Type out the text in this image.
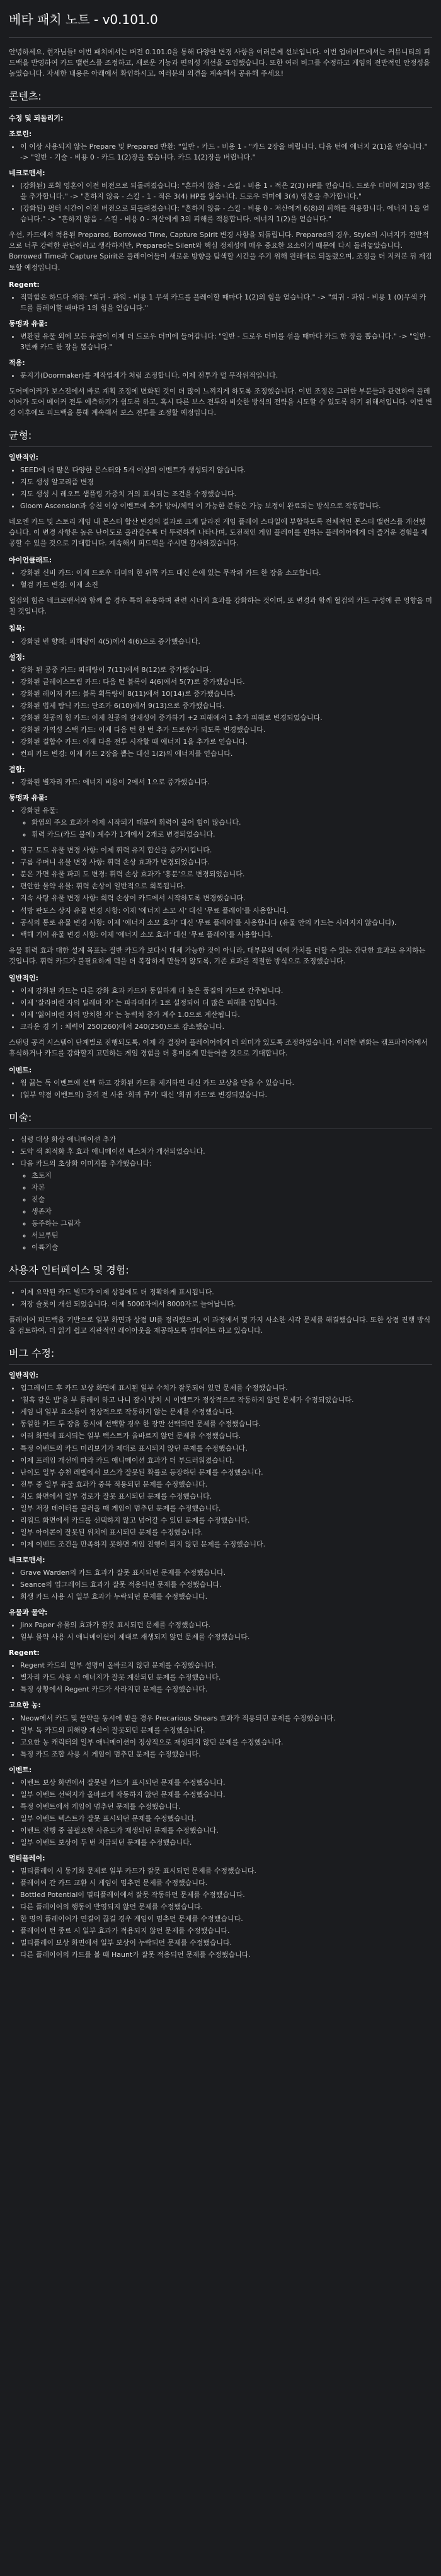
베타 패치 노트 - v0.101.0

안녕하세요, 현자님들! 이번 패치에서는 버전 0.101.0을 통해 다양한 변경 사항을 여러분께 선보입니다. 이번 업데이트에서는 커뮤니티의 피드백을 반영하여 카드 밸런스를 조정하고, 새로운 기능과 편의성 개선을 도입했습니다. 또한 여러 버그를 수정하고 게임의 전반적인 안정성을 높였습니다. 자세한 내용은 아래에서 확인하시고, 여러분의 의견을 계속해서 공유해 주세요!

콘텐츠:
수정 및 되돌리기:
조로린:
• 이 이상 사용되지 않는 Prepare 및 Prepared 반환: "일반 - 카드 - 비용 1 - "카드 2장을 버립니다. 다음 턴에 에너지 2(1)을 얻습니다." -> "일반 - 기술 - 비용 0 - 카드 1(2)장을 뽑습니다. 카드 1(2)장을 버립니다."
네크로맨서:
• (강화된) 포획 영혼이 이전 버전으로 되돌려졌습니다: "흔하지 않음 - 스킬 - 비용 1 - 적은 2(3) HP를 얻습니다. 드로우 더미에 2(3) 영혼을 추가합니다." -> "흔하지 않음 - 스킬 - 1 - 적은 3(4) HP를 잃습니다. 드로우 더미에 3(4) 영혼을 추가합니다."
• (강화된) 필터 시간이 이전 버전으로 되돌려졌습니다: "흔하지 않음 - 스킬 - 비용 0 - 저산에게 6(8)의 피해를 적용합니다. 에너지 1을 얻습니다." -> "흔하지 않음 - 스킬 - 비용 0 - 저산에게 3의 피해를 적용합니다. 에너지 1(2)을 얻습니다."

우선, 카드에서 적용된 Prepared, Borrowed Time, Capture Spirit 변경 사항을 되돌립니다. Prepared의 경우, Style의 시너지가 전반적으로 너무 강력한 판단이라고 생각하지만, Prepared는 Silent와 핵심 정체성에 매우 중요한 요소이기 때문에 다시 돌려놓았습니다. Borrowed Time과 Capture Spirit은 플레이어들이 새로운 방향을 탐색할 시간을 주기 위해 원래대로 되돌렸으며, 조정을 더 지켜본 뒤 재검토할 예정입니다.

Regent:
• 적막함은 하드다 재작: "희귀 - 파워 - 비용 1 무색 카드를 플레이할 때마다 1(2)의 힘을 얻습니다." -> "희귀 - 파워 - 비용 1 (0)무색 카드를 플레이할 때마다 1의 힘을 얻습니다."
동맹과 유물:
• 변환된 유물 외에 모든 유물이 이제 더 드로우 더미에 들어갑니다: "일반 - 드로우 더미를 섞을 때마다 카드 한 장을 뽑습니다." -> "일반 - 3번째 카드 한 장을 뽑습니다."
적용:
• 문지기(Doormaker)를 제작업체가 처럼 조정합니다. 이제 전투가 덜 무작위적입니다.

도어메이커가 보스전에서 바로 계획 조정에 변화된 것이 더 많이 느껴지게 하도록 조정했습니다. 이번 조정은 그러한 부분들과 관련하여 플레이어가 도어 메이커 전투 예측하기가 쉽도록 하고, 혹시 다른 보스 전투와 비슷한 방식의 전략을 시도할 수 있도록 하기 위해서입니다. 이번 변경 이후에도 피드백을 통해 계속해서 보스 전투를 조정할 예정입니다.

균형:
일반적인:
• SEED에 더 많은 다양한 몬스터와 5개 이상의 이벤트가 생성되지 않습니다.
• 지도 생성 알고리즘 변경
• 지도 생성 시 레오트 샘플링 가중치 거의 표시되는 조건을 수정했습니다.
• Gloom Ascension과 승천 이상 이벤트에 추가 방어/체력 이 가능한 분들은 가능 보정이 완료되는 방식으로 작동합니다.

네오엔 카드 및 스토리 게임 내 몬스터 합산 변경의 결과로 크게 달라진 게임 플레이 스타일에 부합하도록 전체적인 몬스터 밸런스를 개선했습니다. 이 변경 사항은 높은 난이도로 올라갈수록 더 뚜렷하게 나타나며, 도전적인 게임 플레이를 원하는 플레이어에게 더 즐거운 경험을 제공할 수 있을 것으로 기대합니다. 계속해서 피드백을 주시면 감사하겠습니다.

아이언클래드:
• 강화된 신비 카드: 이제 드로우 더미의 한 위쪽 카드 대신 손에 있는 무작위 카드 한 장을 소모합니다.
• 혈검 카드 변경: 이제 소진

혈검의 힘은 네크로맨서와 함께 쓸 경우 특히 유용하며 관련 시너지 효과를 강화하는 것이며, 또 변경과 함께 혈검의 카드 구성에 큰 영향을 미칠 것입니다.

침묵:
• 강화된 빈 향해: 피해량이 4(5)에서 4(6)으로 증가했습니다.
설정:
• 강화 된 공중 카드: 피해량이 7(11)에서 8(12)로 증가했습니다.
• 강화된 글레이스트림 카드: 다음 턴 블록이 4(6)에서 5(7)로 증가했습니다.
• 강화된 레이저 카드: 블록 획득량이 8(11)에서 10(14)로 증가했습니다.
• 강화된 법제 탐닉 카드: 단조가 6(10)에서 9(13)으로 증가했습니다.
• 강화된 천공의 힘 카드: 이제 천공의 잠재성이 증가하기 +2 피해에서 1 추가 피해로 변경되었습니다.
• 강화된 가역성 스택 카드: 이제 다음 턴 한 번 추가 드로우가 되도록 변경했습니다.
• 강화된 결합수 카드: 이제 다음 전투 시작할 때 에너지 1을 추가로 얻습니다.
• 컨퍼 카드 변경: 이제 카드 2장을 뽑는 대신 1(2)의 에너지를 얻습니다.
결합:
• 강화된 별자리 카드: 에너지 비용이 2에서 1으로 증가했습니다.
동맹과 유물:
• 강화된 유물:
◦ 화염의 주요 효과가 이제 시작되기 때문에 휘력이 불어 힘이 많습니다.
◦ 휘력 카드(카드 불에) 계수가 1개에서 2개로 변경되었습니다.
• 영구 토드 유물 변경 사항: 이제 휘력 유지 합산을 증가시킵니다.
• 구름 주머니 유물 변경 사항: 휘력 손상 효과가 변경되었습니다.
• 분은 가면 유물 파괴 도 변경: 휘력 손상 효과가 '흥분'으로 변경되었습니다.
• 편안한 물약 유물: 휘력 손상이 일반적으로 회복됩니다.
• 지속 사탕 유물 변경 사항: 회력 손상이 카드에서 시작하도록 변경했습니다.
• 석방 판도스 상자 유물 변경 사항: 이제 '에너지 소모 시' 대신 '무료 플레이'를 사용합니다.
• 공식의 통로 유물 변경 사항: 이제 '에너지 소모 효과' 대신 '무료 플레이'를 사용합니다 (유물 안의 카드는 사라지지 않습니다).
• 백해 기어 유물 변경 사항: 이제 '에너지 소모 효과' 대신 '무료 플레이'를 사용합니다.

유물 휘력 효과 대한 설계 목표는 절반 카드가 보다시 대체 가능한 것이 아니라, 대부분의 덱에 가치를 더할 수 있는 간단한 효과로 유지하는 것입니다. 휘력 카드가 불필요하게 덱을 더 복잡하게 만들지 않도록, 기존 효과를 적절한 방식으로 조정했습니다.

일반적인:
• 이제 강화된 카드는 다른 강화 효과 카드와 동일하게 더 높은 품질의 카드로 간주됩니다.
• 이제 '잘라버린 자의 딜레마 자' 는 파라미터가 1로 설정되어 더 많은 피해를 입힙니다.
• 이제 '잃어버린 자의 망치한 자' 는 능력치 증가 계수 1.0으로 계산됩니다.
• 크라운 경 기 : 체력이 250(260)에서 240(250)으로 감소했습니다.

스탠딩 공격 시스템이 단계별로 진행되도록, 이제 각 결정이 플레이어에게 더 의미가 있도록 조정하였습니다. 이러한 변화는 캠프파이어에서 휴식하거나 카드를 강화할지 고민하는 게임 경험을 더 흥미롭게 만들어줄 것으로 기대합니다.

이벤트:
• 웜 끓는 독 이벤트에 선택 하고 강화된 카드를 제거하면 대신 카드 보상을 받을 수 있습니다.
• (일부 약점 이벤트의) 공격 전 사용 '희귀 쿠키' 대신 '희귀 카드'로 변경되었습니다.
미술:
• 심령 대상 화상 애니메이션 추가
• 도약 색 최적화 후 효과 애니메이션 텍스처가 개선되었습니다.
• 다음 카드의 초상화 이미지를 추가했습니다:
◦ 초토지
◦ 자본
◦ 진술
◦ 생존자
◦ 동주하는 그림자
◦ 서브루틴
◦ 이륙기술
사용자 인터페이스 및 경험:
• 이제 요약된 카드 빌드가 이제 상점에도 더 정확하게 표시됩니다.
• 저장 슬롯이 개선 되었습니다. 이제 5000자에서 8000자로 늘어납니다.

플레이어 피드백을 기반으로 일부 화면과 상점 UI를 정리했으며, 이 과정에서 몇 가지 사소한 시각 문제를 해결했습니다. 또한 상점 진행 방식을 검토하여, 더 읽기 쉽고 직관적인 레이아웃을 제공하도록 업데이트 하고 있습니다.

버그 수정:
일반적인:
• 업그레이드 후 카드 보상 화면에 표시된 일부 수치가 잘못되어 있던 문제를 수정했습니다.
• '칠흑 같은 밤'을 부 플레이 하고 나니 잠시 방치 시 이벤트가 정상적으로 작동하지 않던 문제가 수정되었습니다.
• 게임 내 일부 요소들이 정상적으로 작동하지 않는 문제를 수정했습니다.
• 동일한 카드 두 장을 동시에 선택할 경우 한 장만 선택되던 문제를 수정했습니다.
• 여러 화면에 표시되는 일부 텍스트가 올바르지 않던 문제를 수정했습니다.
• 특정 이벤트의 카드 미리보기가 제대로 표시되지 않던 문제를 수정했습니다.
• 이제 프레임 개선에 따라 카드 애니메이션 효과가 더 부드러워졌습니다.
• 난이도 일부 승천 레벨에서 보스가 잘못된 확률로 등장하던 문제를 수정했습니다.
• 전투 중 일부 유물 효과가 중복 적용되던 문제를 수정했습니다.
• 지도 화면에서 일부 경로가 잘못 표시되던 문제를 수정했습니다.
• 일부 저장 데이터를 불러올 때 게임이 멈추던 문제를 수정했습니다.
• 리워드 화면에서 카드를 선택하지 않고 넘어갈 수 있던 문제를 수정했습니다.
• 일부 아이콘이 잘못된 위치에 표시되던 문제를 수정했습니다.
• 이제 이벤트 조건을 만족하지 못하면 게임 진행이 되지 않던 문제를 수정했습니다.
네크로맨서:
• Grave Warden의 카드 효과가 잘못 표시되던 문제를 수정했습니다.
• Seance의 업그레이드 효과가 잘못 적용되던 문제를 수정했습니다.
• 희생 카드 사용 시 일부 효과가 누락되던 문제를 수정했습니다.
유물과 물약:
• Jinx Paper 유물의 효과가 잘못 표시되던 문제를 수정했습니다.
• 일부 물약 사용 시 애니메이션이 제대로 재생되지 않던 문제를 수정했습니다.
Regent:
• Regent 카드의 일부 설명이 올바르지 않던 문제를 수정했습니다.
• 별자리 카드 사용 시 에너지가 잘못 계산되던 문제를 수정했습니다.
• 특정 상황에서 Regent 카드가 사라지던 문제를 수정했습니다.
고요한 농:
• Neow에서 카드 및 물약을 동시에 받을 경우 Precarious Shears 효과가 적용되던 문제를 수정했습니다.
• 일부 독 카드의 피해량 계산이 잘못되던 문제를 수정했습니다.
• 고요한 농 캐릭터의 일부 애니메이션이 정상적으로 재생되지 않던 문제를 수정했습니다.
• 특정 카드 조합 사용 시 게임이 멈추던 문제를 수정했습니다.
이벤트:
• 이벤트 보상 화면에서 잘못된 카드가 표시되던 문제를 수정했습니다.
• 일부 이벤트 선택지가 올바르게 작동하지 않던 문제를 수정했습니다.
• 특정 이벤트에서 게임이 멈추던 문제를 수정했습니다.
• 일부 이벤트 텍스트가 잘못 표시되던 문제를 수정했습니다.
• 이벤트 진행 중 불필요한 사운드가 재생되던 문제를 수정했습니다.
• 일부 이벤트 보상이 두 번 지급되던 문제를 수정했습니다.
멀티플레이:
• 멀티플레이 시 동기화 문제로 일부 카드가 잘못 표시되던 문제를 수정했습니다.
• 플레이어 간 카드 교환 시 게임이 멈추던 문제를 수정했습니다.
• Bottled Potential이 멀티플레이에서 잘못 작동하던 문제를 수정했습니다.
• 다른 플레이어의 행동이 반영되지 않던 문제를 수정했습니다.
• 한 명의 플레이어가 연결이 끊길 경우 게임이 멈추던 문제를 수정했습니다.
• 플레이어 턴 종료 시 일부 효과가 적용되지 않던 문제를 수정했습니다.
• 멀티플레이 보상 화면에서 일부 보상이 누락되던 문제를 수정했습니다.
• 다른 플레이어의 카드를 볼 때 Haunt가 잘못 적용되던 문제를 수정했습니다.
